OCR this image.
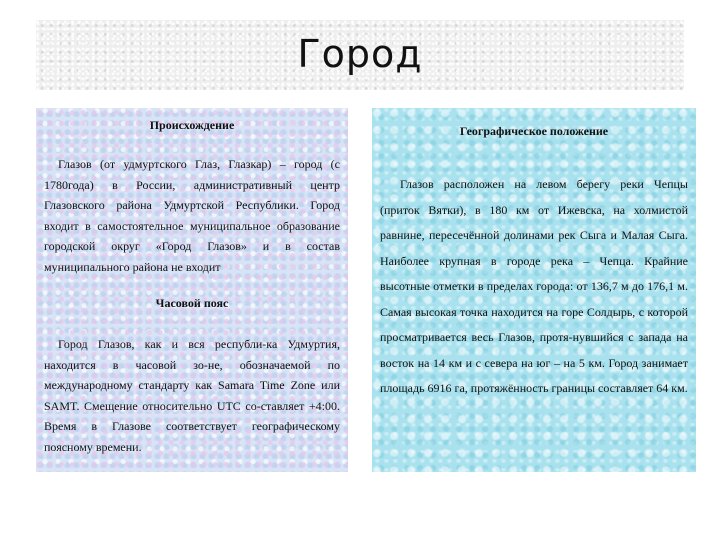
Город
Происхождение
Глазов (от удмуртского Глаз, Глазкар) – город (с 1780года) в России, административный центр Глазовского района Удмуртской Республики. Город входит в самостоятельное муниципальное образование городской округ «Город Глазов» и в состав муниципального района не входит
Часовой пояс
Город Глазов, как и вся республи-ка Удмуртия, находится в часовой зо-не, обозначаемой по международному стандарту как Samara Time Zone или SAMT. Смещение относительно UTC со-ставляет +4:00. Время в Глазове соответствует географическому поясному времени.
Географическое положение
Глазов расположен на левом берегу реки Чепцы (приток Вятки), в 180 км от Ижевска, на холмистой равнине, пересечённой долинами рек Сыга и Малая Сыга. Наиболее крупная в городе река – Чепца. Крайние высотные отметки в пределах города: от 136,7 м до 176,1 м. Самая высокая точка находится на горе Солдырь, с которой просматривается весь Глазов, протя-нувшийся с запада на восток на 14 км и с севера на юг – на 5 км. Город занимает площадь 6916 га, протяжённость границы составляет 64 км.
